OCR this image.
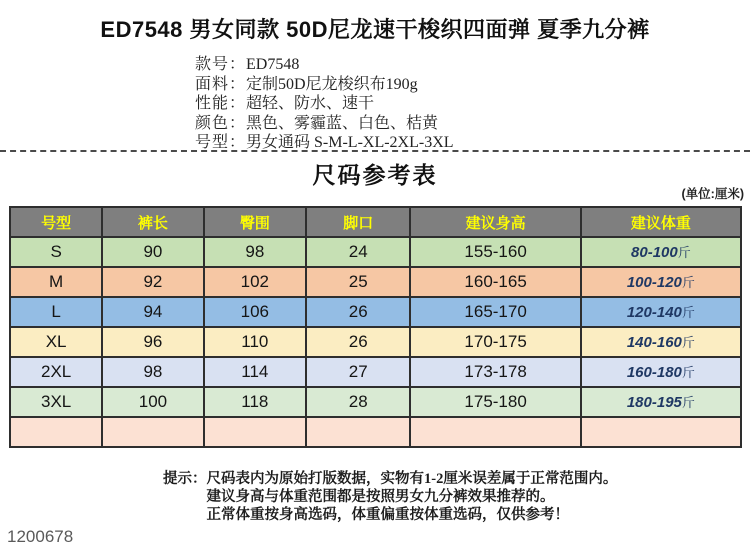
ED7548 男女同款 50D尼龙速干梭织四面弹 夏季九分裤
款号：ED7548
面料：定制50D尼龙梭织布190g
性能：超轻、防水、速干
颜色：黑色、雾霾蓝、白色、桔黄
号型：男女通码 S-M-L-XL-2XL-3XL
尺码参考表
(单位:厘米)
号型	裤长	臀围	脚口	建议身高	建议体重
S	90	98	24	155-160	80-100斤
M	92	102	25	160-165	100-120斤
L	94	106	26	165-170	120-140斤
XL	96	110	26	170-175	140-160斤
2XL	98	114	27	173-178	160-180斤
3XL	100	118	28	175-180	180-195斤

提示： 尺码表内为原始打版数据，实物有1-2厘米误差属于正常范围内。
建议身高与体重范围都是按照男女九分裤效果推荐的。
正常体重按身高选码，体重偏重按体重选码，仅供参考！
1200678
